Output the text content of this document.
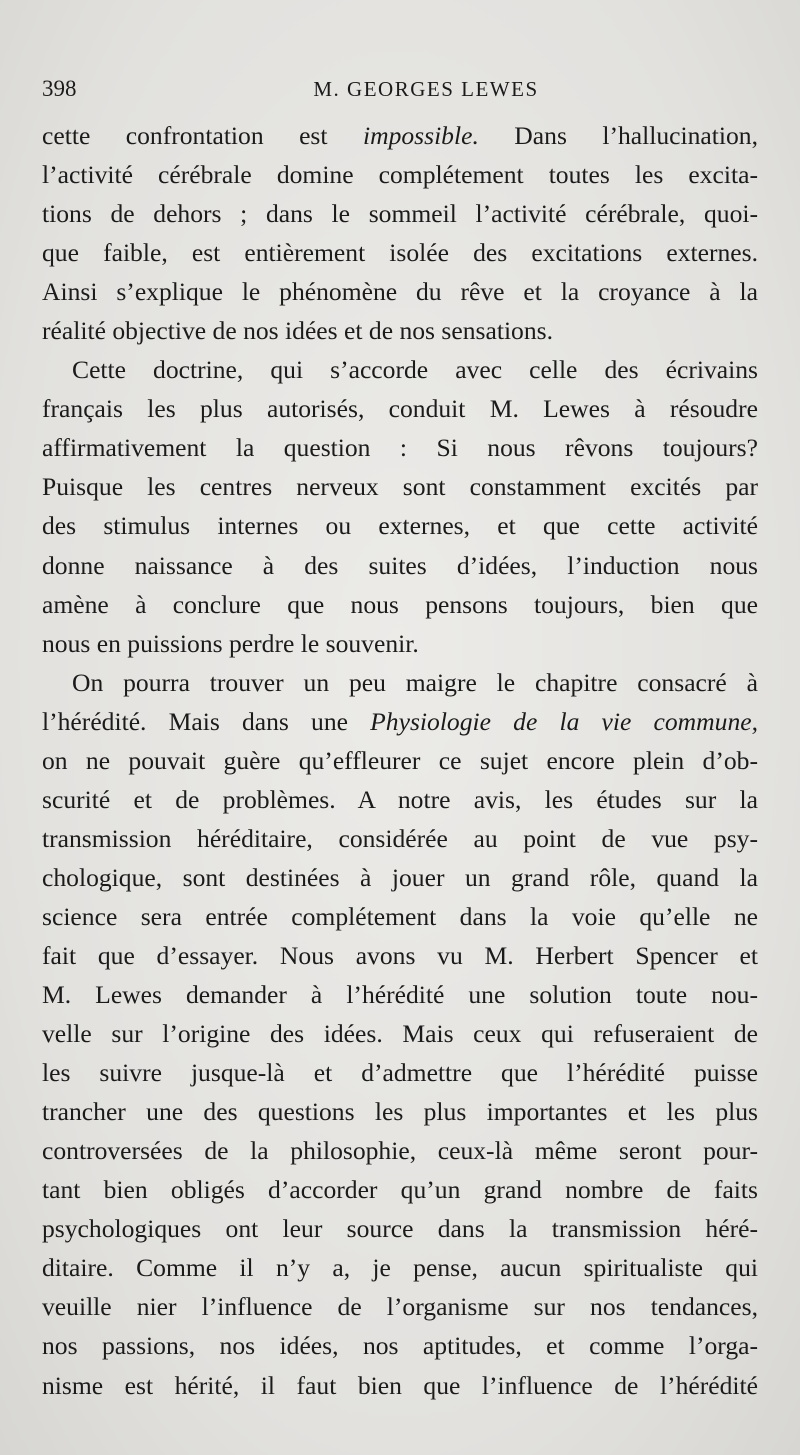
398	M. GEORGES LEWES
cette confrontation est impossible. Dans l’hallucination,
l’activité cérébrale domine complétement toutes les excita-
tions de dehors ; dans le sommeil l’activité cérébrale, quoi-
que faible, est entièrement isolée des excitations externes.
Ainsi s’explique le phénomène du rêve et la croyance à la
réalité objective de nos idées et de nos sensations.
Cette doctrine, qui s’accorde avec celle des écrivains
français les plus autorisés, conduit M. Lewes à résoudre
affirmativement la question : Si nous rêvons toujours?
Puisque les centres nerveux sont constamment excités par
des stimulus internes ou externes, et que cette activité
donne naissance à des suites d’idées, l’induction nous
amène à conclure que nous pensons toujours, bien que
nous en puissions perdre le souvenir.
On pourra trouver un peu maigre le chapitre consacré à
l’hérédité. Mais dans une Physiologie de la vie commune,
on ne pouvait guère qu’effleurer ce sujet encore plein d’ob-
scurité et de problèmes. A notre avis, les études sur la
transmission héréditaire, considérée au point de vue psy-
chologique, sont destinées à jouer un grand rôle, quand la
science sera entrée complétement dans la voie qu’elle ne
fait que d’essayer. Nous avons vu M. Herbert Spencer et
M. Lewes demander à l’hérédité une solution toute nou-
velle sur l’origine des idées. Mais ceux qui refuseraient de
les suivre jusque-là et d’admettre que l’hérédité puisse
trancher une des questions les plus importantes et les plus
controversées de la philosophie, ceux-là même seront pour-
tant bien obligés d’accorder qu’un grand nombre de faits
psychologiques ont leur source dans la transmission héré-
ditaire. Comme il n’y a, je pense, aucun spiritualiste qui
veuille nier l’influence de l’organisme sur nos tendances,
nos passions, nos idées, nos aptitudes, et comme l’orga-
nisme est hérité, il faut bien que l’influence de l’hérédité
